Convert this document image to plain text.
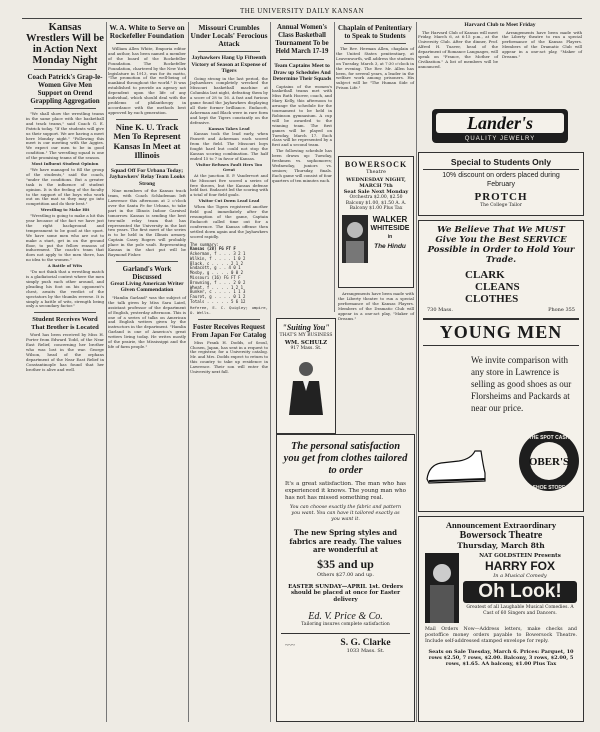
THE UNIVERSITY DAILY KANSAN
Kansas Wrestlers Will be in Action Next Monday Night
Coach Patrick's Grap-le-Women Give Men Support on Orend Grappling Aggregation

"We shall show the wrestling teams in the same place with the basketball and track teams," said Coach G. E. Patrick today. "If the students will give us their support. We are having a meet here Monday night." "Following this meet is our meeting with the Aggies. We expect our men to be in good condition." The wrestling squad is one of the promising teams of the season.

Most Influent Student Opinion

"We have managed to fill the group of the students," said the coach, "under the conditions. But a greater task is the influence of student opinion. It is the feeling of the faculty to the support of the boys who work out on the mat so they may go into competition and do their best."

Wrestling to Make Hit

"Wrestling is going to make a hit this year because of the fact we have just the right background and temperament to be good at the sport. We have some men who are out to make a start, get in on the ground floor, to put the fellow reasons of inducement. The coach's team that does not apply to the men there, has no idea to the women."

A Battle of Wits

"Do not think that a wrestling match is a gladiatorial contest where the men simply push each other around, and pleading his foot on his opponent's chest, awaits the verdict of the spectators by the thumbs reverse. It is simply a battle of wits, strength being only a secondary factor."

Student Receives Word That Brother is Located

Word has been received by Miss H. Porter from Edward Todd, of the Near East Relief, concerning her brother who was lost in the war. George Wilson, head of the orphans department of the Near East Relief in Constantinople has found that her brother is alive and well.

W. A. White to Serve on Rockefeller Foundation

William Allen White, Emporia editor and author, has been named a member of the board of the Rockefeller Foundation. The Rockefeller Foundation, chartered by the New York legislature in 1913, was for its motto, "The promotion of the well-being of mankind throughout the world." It was established to provide an agency not dependent upon the life of any individual, which should deal with the problems of philanthropy in accordance with the methods best approved by each generation.

Nine K. U. Track Men To Represent Kansas In Meet at Illinois
Squad Off For Urbana Today; Jayhawkers' Relay Team Looks Strong

Nine members of the Kansas track team, with Coach Schlademan left Lawrence this afternoon at 2 o'clock over the Santa Fe for Urbana, to take part in the Illinois Indoor Carnival tomorrow. Kansas is sending the best two-mile relay team that has represented the University in the last two years. The first meet of the series is to be held in the Illinois armory. Captain Casey Rogers will probably place in the pole vault. Representing Kansas in the shot put will be Raymond Fisher.

Garland's Work Discussed
Great Living American Writer Given Commendation

"Hamlin Garland" was the subject of the talk given by Miss Sara Laird, assistant professor of the department of English, yesterday afternoon. This is one of a series of talks on American and English writers given by the instructors in the department. "Hamlin Garland is one of America's great writers living today. He writes mostly of the prairie, the Mississippi and the life of farm people."

Missouri Crumbles Under Locals' Ferocious Attack
Jayhawkers Hang Up Fifteenth Victory of Season at Expense of Tigers

Going strong in the last period, the Jayhawkers completely wrecked the Missouri basketball machine at Columbia last night, defeating them by a score of 28 to 16. A fast and furious game found the Jayhawkers displaying all their former brilliance. Endacott, Ackerman and Black were in rare form and kept the Tigers constantly on the defensive.

Kansas Takes Lead

Kansas took the lead early, when Fausett and Ackerman each scored from the field. The Missouri boys fought hard but could not stop the Kansas scoring combination. The half ended 15 to 7 in favor of Kansas.

Visitor Refuses Fault Hers Too Great

At the junction E. P. Vandervort and the Missouri five scored a series of free throws, but the Kansas defense held fast. Endacott led the scoring with a total of four field goals.

Visitor Cut Down Lead Lead

When the Tigers registered another field goal immediately after the resumption of the game, Captain Endacott called time out for a conference. The Kansas offense then settled down again and the Jayhawkers scored rapidly.

The summary:
Kansas (28) FG FT F
Ackerman, f . . . 3 2 1
Wilkin, f . . . . 1 0 2
Black, c . . . . 2 1 2
Endacott, g . . 4 0 1
Mosby, g . . . . 0 0 2
Missouri (16) FG FT F
Browning, f . . . 2 0 2
Wheat, f . . . . 1 2 1
Bunker, c . . . . 1 1 3
Faurot, g . . . . 0 1 2
Totals . . . . . 5 6 12
Referee, E. C. Quigley; umpire, O. Wells.
Foster Receives Request From Japan For Catalog

Miss Frank H. Dodds, of Seoul, Chosen, Japan, has sent in a request to the registrar, for a University catalog. Mr. and Mrs. Dodds expect to return to this country to take up residence in Lawrence. Their son will enter the University next fall.

Annual Women's Class Basketball Tournament To be Held March 17-19
Team Captains Meet to Draw up Schedules And Determine Their Squads

Captains of the women's basketball teams met with Miss Ruth Hoover, coach, and Mary Kelly, this afternoon to arrange the schedule for the tournament to be held in Robinson gymnasium. A cup will be awarded to the winning team. The first games will be played on Tuesday, March 17. Each class will be represented by a first and a second team.

The following schedule has been drawn up: Tuesday, freshmen vs. sophomores; Wednesday, juniors vs. seniors; Thursday, finals. Each game will consist of four quarters of ten minutes each.

Chaplain of Penitentiary to Speak to Students

The Rev. Herman Allen, chaplain of the United States penitentiary, at Leavenworth, will address the students on Tuesday, March 3, at 7:30 o'clock in the evening. The Rev. Mr. Allen has been, for several years, a leader in the welfare work among prisoners. His subject will be "The Human Side of Prison Life."

Harvard Club to Meet Friday

The Harvard Club of Kansas will meet Friday, March 6, at 6:15 p.m., at the University Club. After the dinner, Prof. Alfred H. Tuaver, head of the department of Romance Languages, will speak on "France, the Mother of Civilization." A list of members will be announced.

Arrangements have been made with the Liberty theatre to run a special performance of the Kansas Players. Members of the Dramatic Club will appear in a one-act play, "Maker of Dreams."

Lander's
QUALITY JEWELRY
Special to Students Only
10% discount on orders placed during February
PROTCH
The College Tailor
We Believe That We MUST Give You the Best SERVICE Possible in Order to Hold Your Trade.
CLARK
CLEANS
CLOTHES
730 Mass.	Phone 355
YOUNG MEN
We invite comparison with any store in Lawrence is selling as good shoes as our Florsheims and Packards at near our price.
OBER'S
THE SPOT CASH
SHOE STORE
BOWERSOCK
Theatre
WEDNESDAY NIGHT, MARCH 7th
Seat Sale Next Monday
Orchestra $2.00, $2.50 Balcony $1.00, $1.50 A. A. Balcony $1.00 Plus Tax
WALKER
WHITESIDE
in
The Hindu

Arrangements have been made with the Liberty theatre to run a special performance of the Kansas Players. Members of the Dramatic Club will appear in a one-act play, "Maker of Dreams."

"Suiting You"
THAT'S MY BUSINESS
WM. SCHULZ
917 Mass. St.
The personal satisfaction you get from clothes tailored to order
It's a great satisfaction. The man who has experienced it knows. The young man who has not has missed something real.
You can choose exactly the fabric and pattern you want. You can have it tailored exactly as you want it.
The new Spring styles and fabrics are ready. The values are wonderful at
$35 and up
Others $27.00 and up.
EASTER SUNDAY—APRIL 1st. Orders should be placed at once for Easter delivery
Ed. V. Price & Co.
Tailoring insures complete satisfaction
~~~	S. G. Clarke
1033 Mass. St.
Announcement Extraordinary
Bowersock Theatre
Thursday, March 8th
NAT GOLDSTEIN Presents
HARRY FOX
In a Musical Comedy
Oh Look!
Greatest of all Laughable Musical Comedies. A Cast of 60 Singers and Dancers.
Mail Orders Now—Address letters, make checks and postoffice money orders payable to Bowersock Theatre. Include self-addressed stamped envelope for reply.
Seats on Sale Tuesday, March 6. Prices: Parquet, 10 rows $2.50, 7 rows, $2.00. Balcony, 3 rows, $2.00, 5 rows, $1.65. AA balcony, $1.00 Plus Tax
